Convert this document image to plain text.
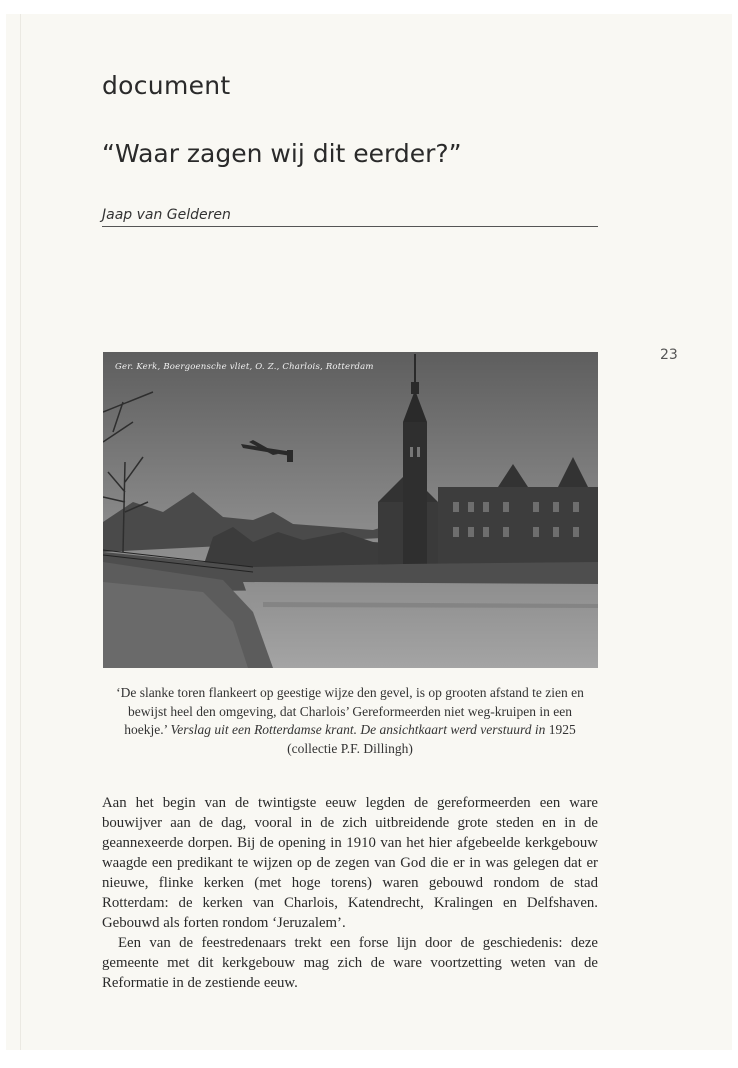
document
“Waar zagen wij dit eerder?”
Jaap van Gelderen
23
Ger. Kerk, Boergoensche vliet, O. Z., Charlois, Rotterdam
‘De slanke toren flankeert op geestige wijze den gevel, is op grooten afstand te zien en bewijst heel den omgeving, dat Charlois’ Gereformeerden niet weg-kruipen in een hoekje.’ Verslag uit een Rotterdamse krant. De ansichtkaart werd verstuurd in 1925 (collectie P.F. Dillingh)

Aan het begin van de twintigste eeuw legden de gereformeerden een ware bouwijver aan de dag, vooral in de zich uitbreidende grote steden en in de geannexeerde dorpen. Bij de opening in 1910 van het hier afgebeelde kerkgebouw waagde een predikant te wijzen op de zegen van God die er in was gelegen dat er nieuwe, flinke kerken (met hoge torens) waren gebouwd rondom de stad Rotterdam: de kerken van Charlois, Katendrecht, Kralingen en Delfshaven. Gebouwd als forten rondom ‘Jeruzalem’.

Een van de feestredenaars trekt een forse lijn door de geschiedenis: deze gemeente met dit kerkgebouw mag zich de ware voortzetting weten van de Reformatie in de zestiende eeuw.
